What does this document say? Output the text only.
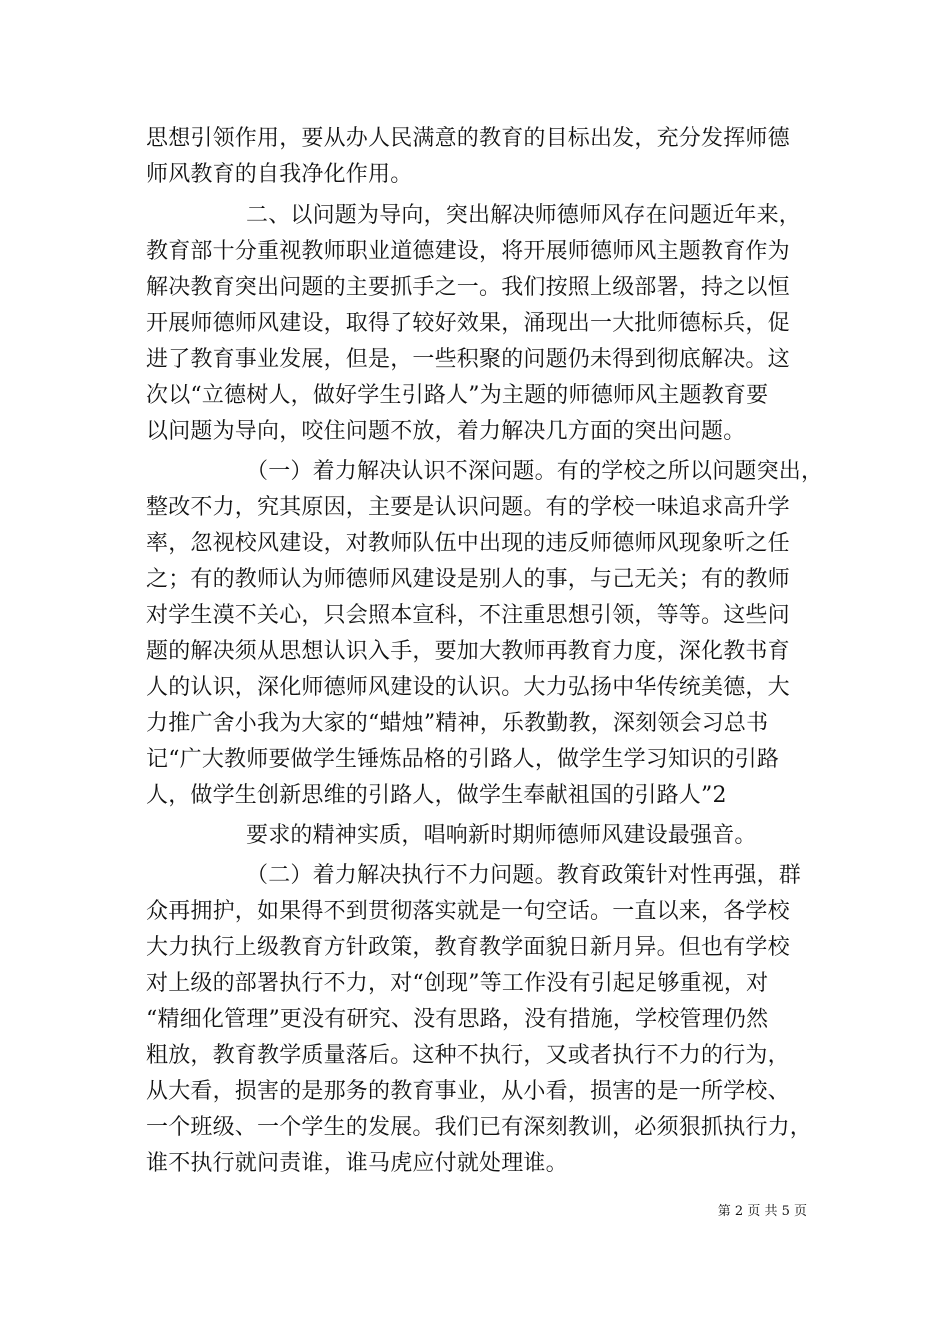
思想引领作用，要从办人民满意的教育的目标出发，充分发挥师德
师风教育的自我净化作用。
二、以问题为导向，突出解决师德师风存在问题近年来，
教育部十分重视教师职业道德建设，将开展师德师风主题教育作为
解决教育突出问题的主要抓手之一。我们按照上级部署，持之以恒
开展师德师风建设，取得了较好效果，涌现出一大批师德标兵，促
进了教育事业发展，但是，一些积聚的问题仍未得到彻底解决。这
次以“立德树人，做好学生引路人”为主题的师德师风主题教育要
以问题为导向，咬住问题不放，着力解决几方面的突出问题。
（一）着力解决认识不深问题。有的学校之所以问题突出，
整改不力，究其原因，主要是认识问题。有的学校一味追求高升学
率，忽视校风建设，对教师队伍中出现的违反师德师风现象听之任
之；有的教师认为师德师风建设是别人的事，与己无关；有的教师
对学生漠不关心，只会照本宣科，不注重思想引领，等等。这些问
题的解决须从思想认识入手，要加大教师再教育力度，深化教书育
人的认识，深化师德师风建设的认识。大力弘扬中华传统美德，大
力推广舍小我为大家的“蜡烛”精神，乐教勤教，深刻领会习总书
记“广大教师要做学生锤炼品格的引路人，做学生学习知识的引路
人，做学生创新思维的引路人，做学生奉献祖国的引路人”2
要求的精神实质，唱响新时期师德师风建设最强音。
（二）着力解决执行不力问题。教育政策针对性再强，群
众再拥护，如果得不到贯彻落实就是一句空话。一直以来，各学校
大力执行上级教育方针政策，教育教学面貌日新月异。但也有学校
对上级的部署执行不力，对“创现”等工作没有引起足够重视，对
“精细化管理”更没有研究、没有思路，没有措施，学校管理仍然
粗放，教育教学质量落后。这种不执行，又或者执行不力的行为，
从大看，损害的是那务的教育事业，从小看，损害的是一所学校、
一个班级、一个学生的发展。我们已有深刻教训，必须狠抓执行力，
谁不执行就问责谁，谁马虎应付就处理谁。
第 2 页 共 5 页
